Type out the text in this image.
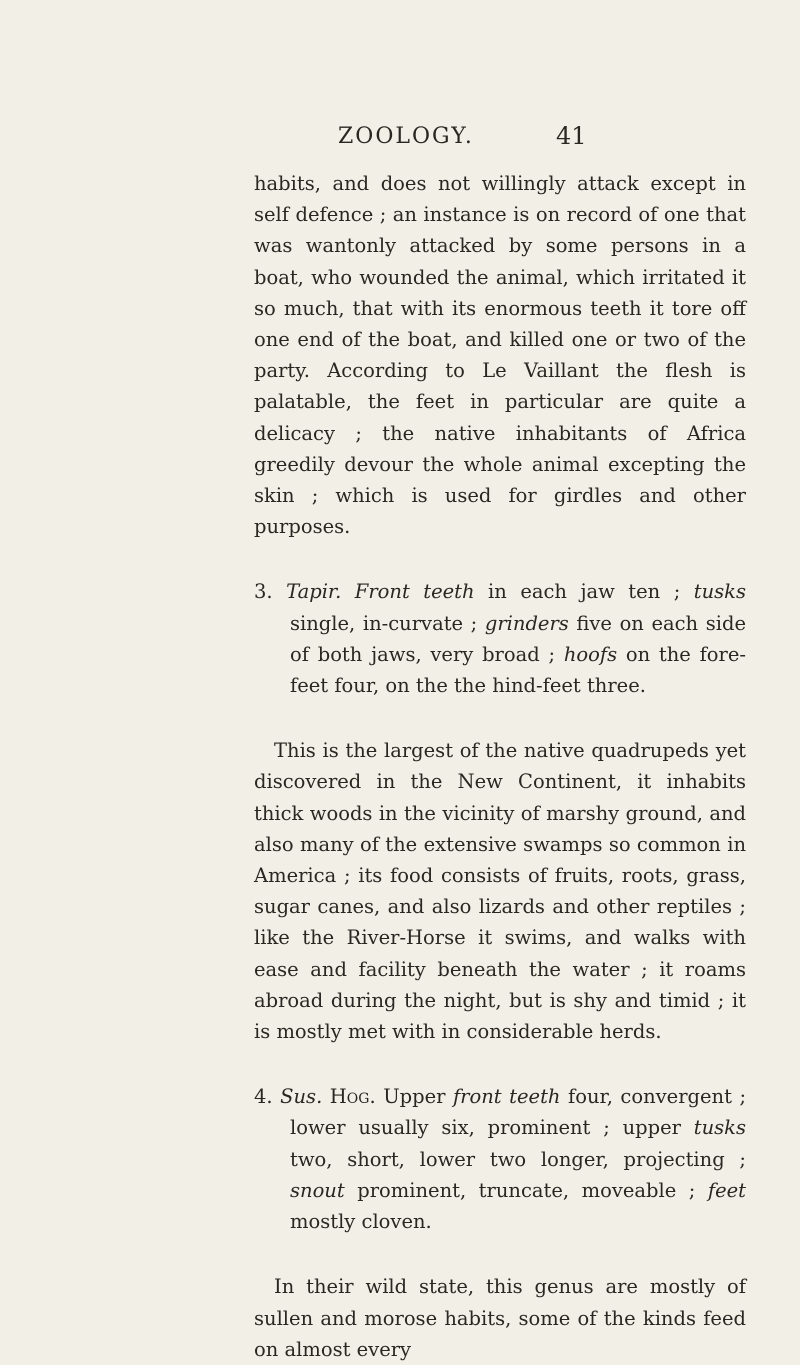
ZOOLOGY.	41

habits, and does not willingly attack except in self defence ; an instance is on record of one that was wantonly attacked by some persons in a boat, who wounded the animal, which irritated it so much, that with its enormous teeth it tore off one end of the boat, and killed one or two of the party. According to Le Vaillant the flesh is palatable, the feet in particular are quite a delicacy ; the native inhabitants of Africa greedily devour the whole animal excepting the skin ; which is used for girdles and other purposes.

3. Tapir. Front teeth in each jaw ten ; tusks single, in-curvate ; grinders five on each side of both jaws, very broad ; hoofs on the fore-feet four, on the the hind-feet three.

This is the largest of the native quadrupeds yet discovered in the New Continent, it inhabits thick woods in the vicinity of marshy ground, and also many of the extensive swamps so common in America ; its food consists of fruits, roots, grass, sugar canes, and also lizards and other reptiles ; like the River-Horse it swims, and walks with ease and facility beneath the water ; it roams abroad during the night, but is shy and timid ; it is mostly met with in considerable herds.

4. Sus. Hog. Upper front teeth four, convergent ; lower usually six, prominent ; upper tusks two, short, lower two longer, projecting ; snout prominent, truncate, moveable ; feet mostly cloven.

In their wild state, this genus are mostly of sullen and morose habits, some of the kinds feed on almost every
